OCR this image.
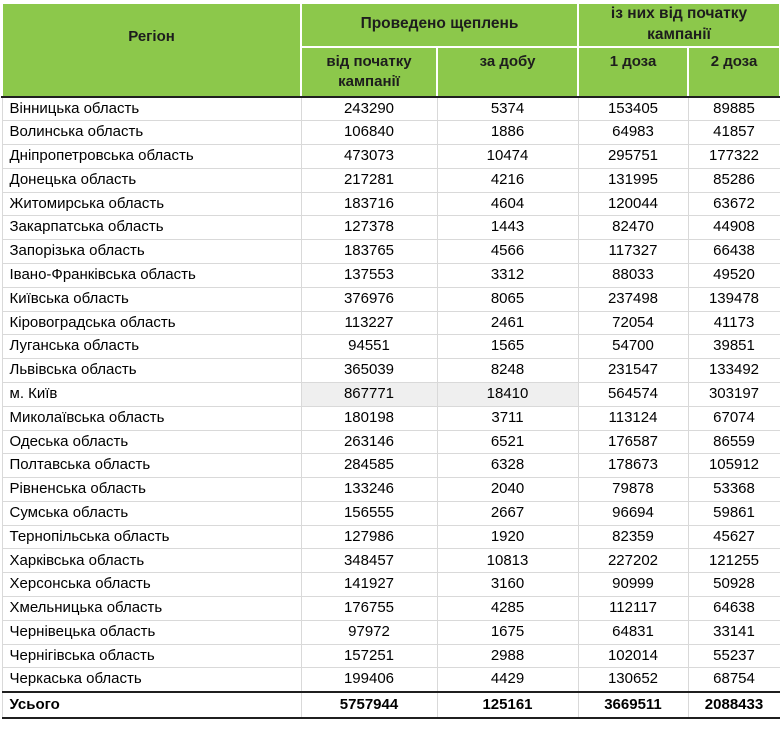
Регіон	Проведено щеплень		із них від початку кампанії	
	від початку кампанії	за добу	1 доза	2 доза
Вінницька область	243290	5374	153405	89885
Волинська область	106840	1886	64983	41857
Дніпропетровська область	473073	10474	295751	177322
Донецька область	217281	4216	131995	85286
Житомирська область	183716	4604	120044	63672
Закарпатська область	127378	1443	82470	44908
Запорізька область	183765	4566	117327	66438
Івано-Франківська область	137553	3312	88033	49520
Київська область	376976	8065	237498	139478
Кіровоградська область	113227	2461	72054	41173
Луганська область	94551	1565	54700	39851
Львівська область	365039	8248	231547	133492
м. Київ	867771	18410	564574	303197
Миколаївська область	180198	3711	113124	67074
Одеська область	263146	6521	176587	86559
Полтавська область	284585	6328	178673	105912
Рівненська область	133246	2040	79878	53368
Сумська область	156555	2667	96694	59861
Тернопільська область	127986	1920	82359	45627
Харківська область	348457	10813	227202	121255
Херсонська область	141927	3160	90999	50928
Хмельницька область	176755	4285	112117	64638
Чернівецька область	97972	1675	64831	33141
Чернігівська область	157251	2988	102014	55237
Черкаська область	199406	4429	130652	68754
Усього	5757944	125161	3669511	2088433
